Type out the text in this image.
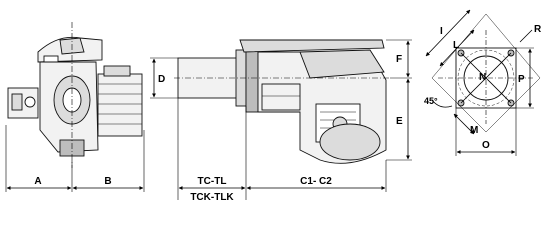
A	B
D
F
E
TC-TL
TCK-TLK
C1- C2
I
L
N
R
P
45°
M
O
